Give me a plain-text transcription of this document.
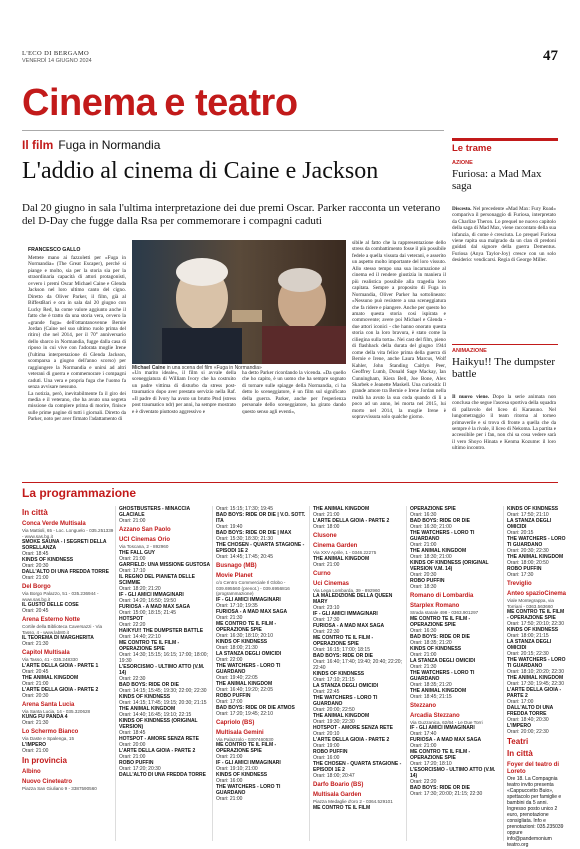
L'ECO DI BERGAMO
VENERDÌ 14 GIUGNO 2024	47
Cinema e teatro
Il film Fuga in Normandia
L'addio al cinema di Caine e Jackson
Dal 20 giugno in sala l'ultima interpretazione dei due premi Oscar. Parker racconta un veterano del D-Day che fugge dalla Rsa per commemorare i compagni caduti
FRANCESCO GALLO
Mettete mano ai fazzoletti per «Fuga in Normandia» (The Great Escaper), perché si piange e molto, sia per la storia sia per la straordinaria capacità di attori protagonisti, ovvero i premi Oscar Michael Caine e Glenda Jackson nel loro ultimo canto del cigno. Diretto da Oliver Parker, il film, già al BiffestBari e ora in sala dal 20 giugno con Lucky Red, ha come valore aggiunto anche il fatto che è tratto da una storia vera, ovvero la «grande fuga» dell'ottantanovenne Bernie Jordan (Caine nel suo ultimo ruolo prima del ritiro) che nel 2014, per il 70° anniversario dello sbarco in Normandia, fugge dalla casa di riposo in cui vive con l'adorata moglie Irene (l'ultima interpretazione di Glenda Jackson, scomparsa a giugno dell'anno scorso) per raggiungere la Normandia e unirsi ad altri veterani di guerra e commemorare i compagni caduti. Una vera e propria fuga che l'uomo fa senza avvisare nessuno.
La notizia, però, inevitabilmente fa il giro dei media e il veterano, che ha avuto una segreta missione da compiere prima di morire, finisce sulle prime pagine di tutti i giornali. Diretto da Parker, noto per aver firmato l'adattamento di
Michael Caine in una scena del film «Fuga in Normandia»
«Un marito ideale», il film si avvale della sceneggiatura di William Ivory che ha costruito un padre vittima di disturbo da stress post-traumatico dopo aver prestato servizio nella Raf. «Il padre di Ivory ha avuto un brutto Ptsd (stress post traumatico ndr) per anni, ha sempre mostrato e è diventato piuttosto aggressivo e
ha detto Parker ricordando la vicenda. «Da quello che ho capito, è un uomo che ha sempre sognato di tornare sulle spiagge della Normandia, ci ha detto lo sceneggiatore, è un film sul significato della guerra. Parker, anche per l'esperienza personale dello sceneggiatore, ha girato dando questo senso agli eventi»,
sibile al fatto che la rappresentazione dello stress da combattimento fosse il più possibile fedele a quella vissuta dai veterani, e asserito un aspetto molto importante del loro vissuto. Allo stesso tempo una sua incarnazione al cinema ed il rendere giustizia in maniera il più realistica possibile alla tragedia loro capitata. Sempre a proposito di Fuga in Normandia, Oliver Parker ha sottolineato: «Nessuno può resistere a una sceneggiatura che fa ridere e piangere. Anche per questo ho amato questa storia così ispirata e commovente; avere poi Michael e Glenda - due attori iconici - che hanno onorato questa storia con la loro bravura, è stato come la ciliegina sulla torta». Nei cast del film, pieno di flashback della durata del giugno 1944 come della vita felice prima della guerra di Bernie e Irene, anche Laura Marcus, Wolf Kahler, John Standing Caitlyn Peer, Geoffrey Lumb, Donald Sage Mackay, Ian Cunningham, Kiera Bell, Joe Bone, Alex Skarbek e Jeanette Maskell. Una curiosità: Il grande amore tra Bernie e Irene Jordan nella realtà ha avuto la sua coda quando di lì a poco ad un anno, lei morta nel 2015, lui morto nel 2014, la moglie Irene è sopravvissuta solo qualche giorno.
Le trame
AZIONE
Furiosa: a Mad Max saga
Discesto. Nel precedente «Mad Max: Fury Road» compariva il personaggio di Furiosa, interpretato da Charlize Theron. Lo prequel ne nuovo capitolo della saga di Mad Max, viene raccontato della sua infanzia, di come è cresciuta. Lo prequel Furiosa viene rapita sua malgrado da un clan di predoni guidati dal signore della guerra Dementus. Furiosa (Anya Taylor-Joy) cresce con un solo desiderio: vendicarsi. Regia di George Miller.
ANIMAZIONE
Haikyu!! The dumpster battle
Il nuovo viene. Dopo la serie animata non conclusa che segue l'ascesa sportiva della squadra di pallavolo del liceo di Karasuno. Nel lungometraggio il team ritorna al torneo primaverile e si trova di fronte a quella che da sempre è la rivale, il liceo di Nekoma. La partita e accessibile per i fan, non chi sa cosa vedere sarà il vero Shoyo Hinata e Kenma Kozume: il loro ultimo incontro.
La programmazione
In città
Conca Verde Multisala
Via Mattioli, 65 - Loc. Longuelo - 035.251339 - www.sas.bg.it
SMOKE SAUNA - I SEGRETI DELLA SORELLANZA
Orari: 18:45
KINDS OF KINDNESS
Orari: 20:30
DALL'ALTO DI UNA FREDDA TORRE
Orari: 21:00
Del Borgo
Via Borgo Palazzo, 51 - 035.236944 - www.sas.bg.it
IL GUSTO DELLE COSE
Orari: 20:45
Arena Esterno Notte
Cortile della Biblioteca Caversazzi - Via Tasso, 4 - www.lab80.it
IL TEOREMA DI MARGHERITA
Orari: 21:30
Capitol Multisala
Via Tasso, 41 - 035.248330
L'ARTE DELLA GIOIA - PARTE 1
Orari: 20:45
THE ANIMAL KINGDOM
Orari: 21:00
L'ARTE DELLA GIOIA - PARTE 2
Orari: 20:30
Arena Santa Lucia
Via Santa Lucia, 14 - 035.320628
KUNG FU PANDA 4
Orari: 21:30
Lo Schermo Bianco
Via Daste e Spalenga, 15
L'IMPERO
Orari: 21:00
In provincia
Albino
Nuovo Cineteatro
Piazza San Giuliano 9 - 3387590560
GHOSTBUSTERS - MINACCIA GLACIALE
Orari: 21:00
Azzano San Paolo
UCI Cinemas Orio
Via Toscana, 2 - 892960
THE FALL GUY
Orari: 21:00
GARFIELD: UNA MISSIONE GUSTOSA
Orari: 17:10
IL REGNO DEL PIANETA DELLE SCIMMIE
Orari: 18:20; 21:20
IF - GLI AMICI IMMAGINARI
Orari: 14:20; 16:50; 19:50
FURIOSA - A MAD MAX SAGA
Orari: 15:00; 18:15; 21:45
HOTSPOT
Orari: 22:20
HAIKYU!! THE DUMPSTER BATTLE
Orari: 14:40; 22:10
ME CONTRO TE IL FILM - OPERAZIONE SPIE
Orari: 14:30; 15:15; 16:15; 17:00; 18:00; 19:30
L'ESORCISMO - ULTIMO ATTO (V.M. 14)
Orari: 22:30
BAD BOYS: RIDE OR DIE
Orari: 14:15; 15:45; 19:30; 22:00; 22:30
KINDS OF KINDNESS
Orari: 14:15; 17:45; 19:15; 20:30; 21:15
THE ANIMAL KINGDOM
Orari: 14:40; 16:45; 19:10; 22:15
KINDS OF KINDNESS (ORIGINAL VERSION)
Orari: 18:45
HOTSPOT - AMORE SENZA RETE
Orari: 20:00
L'ARTE DELLA GIOIA - PARTE 2
Orari: 21:00
ROBO PUFFIN
Orari: 17:20; 20:30
DALL'ALTO DI UNA FREDDA TORRE
Orari: 15:15; 17:30; 19:45
BAD BOYS: RIDE OR DIE | V.O. SOTT. ITA
Orari: 19:40
BAD BOYS: RIDE OR DIE | MAX
Orari: 15:30; 18:30; 21:30
THE CHOSEN - QUARTA STAGIONE - EPISODI 1E 2
Orari: 14:45; 17:45; 20:45
Busnago (MB)
Movie Planet
c/o Centro Commerciale Il Globo - 039.695560 (prenot.) - 039.6956816 (programmazione)
IF - GLI AMICI IMMAGINARI
Orari: 17:10; 19:35
FURIOSA - A MAD MAX SAGA
Orari: 21:30
ME CONTRO TE IL FILM - OPERAZIONE SPIE
Orari: 16:30; 18:10; 20:10
KINDS OF KINDNESS
Orari: 18:00; 21:30
LA STANZA DEGLI OMICIDI
Orari: 22:00
THE WATCHERS - LORO TI GUARDANO
Orari: 19:40; 22:05
THE ANIMAL KINGDOM
Orari: 16:40; 19:20; 22:05
ROBO PUFFIN
Orari: 17:00
BAD BOYS: RIDE OR DIE ATMOS
Orari: 17:20; 19:45; 22:10
Capriolo (BS)
Multisala Gemini
Via Palazzolo - 0307460530
ME CONTRO TE IL FILM - OPERAZIONE SPIE
Orari: 21:00
IF - GLI AMICI IMMAGINARI
Orari: 19:10; 21:00
KINDS OF KINDNESS
Orari: 16:00
THE WATCHERS - LORO TI GUARDANO
Orari: 21:00
THE ANIMAL KINGDOM
Orari: 21:00
L'ARTE DELLA GIOIA - PARTE 2
Orari: 18:00
Clusone
Cinema Garden
Via XXV Aprile, 1 - 0346.22275
THE ANIMAL KINGDOM
Orari: 21:00
Curno
Uci Cinemas
Via Lega Lombarda, 39 - 892960
LA MALEDIZIONE DELLA QUEEN MARY
Orari: 23:10
IF - GLI AMICI IMMAGINARI
Orari: 17:30
FURIOSA - A MAD MAX SAGA
Orari: 22:30
ME CONTRO TE IL FILM - OPERAZIONE SPIE
Orari: 16:15; 17:00; 18:15
BAD BOYS: RIDE OR DIE
Orari: 16:40; 17:40; 19:40; 20:40; 22:20; 22:40
KINDS OF KINDNESS
Orari: 17:10; 21:15
LA STANZA DEGLI OMICIDI
Orari: 22:45
THE WATCHERS - LORO TI GUARDANO
Orari: 20:00; 22:50
THE ANIMAL KINGDOM
Orari: 19:30; 22:30
HOTSPOT - AMORE SENZA RETE
Orari: 20:10
L'ARTE DELLA GIOIA - PARTE 2
Orari: 19:00
ROBO PUFFIN
Orari: 16:00
THE CHOSEN - QUARTA STAGIONE - EPISODI 1E 2
Orari: 18:00; 20:47
Darfo Boario (BS)
Multisala Garden
Piazza Medaglie d'oro 2 - 0364.529101
ME CONTRO TE IL FILM
OPERAZIONE SPIE
Orari: 16:30
BAD BOYS: RIDE OR DIE
Orari: 16:30; 21:00
THE WATCHERS - LORO TI GUARDANO
Orari: 21:00
THE ANIMAL KINGDOM
Orari: 18:30; 21:00
KINDS OF KINDNESS (ORIGINAL VERSION V.M. 14)
Orari: 20:30
ROBO PUFFIN
Orari: 18:30
Romano di Lombardia
Starplex Romano
Strada statale 498 - 0363.901297
ME CONTRO TE IL FILM - OPERAZIONE SPIE
Orari: 16:30
BAD BOYS: RIDE OR DIE
Orari: 18:35; 21:20
KINDS OF KINDNESS
Orari: 21:00
LA STANZA DEGLI OMICIDI
Orari: 21:30
THE WATCHERS - LORO TI GUARDANO
Orari: 18:35; 21:20
THE ANIMAL KINGDOM
Orari: 18:45; 21:15
Stezzano
Arcadia Stezzano
Via Guzzanica, 62/64 - Le Due Torri
IF - GLI AMICI IMMAGINARI
Orari: 17:40
FURIOSA - A MAD MAX SAGA
Orari: 21:00
ME CONTRO TE IL FILM - OPERAZIONE SPIE
Orari: 17:20; 18:10
L'ESORCISMO - ULTIMO ATTO (V.M. 14)
Orari: 22:20
BAD BOYS: RIDE OR DIE
Orari: 17:30; 20:00; 21:15; 22:30
KINDS OF KINDNESS
Orari: 17:50; 21:10
LA STANZA DEGLI OMICIDI
Orari: 20:15
THE WATCHERS - LORO TI GUARDANO
Orari: 20:30; 22:30
THE ANIMAL KINGDOM
Orari: 18:00; 20:50
ROBO PUFFIN
Orari: 17:30
Treviglio
Anteo spazioCinema
Viale Montegrappa, via Torriani - 0363.563660
ME CONTRO TE IL FILM - OPERAZIONE SPIE
Orari: 17:50; 20:10; 22:30
KINDS OF KINDNESS
Orari: 18:00; 21:15
LA STANZA DEGLI OMICIDI
Orari: 20:15; 22:30
THE WATCHERS - LORO TI GUARDANO
Orari: 18:10; 20:20; 22:30
THE ANIMAL KINGDOM
Orari: 17:30; 19:45; 22:30
L'ARTE DELLA GIOIA - PARTE 2
Orari: 17:00
DALL'ALTO DI UNA FREDDA TORRE
Orari: 18:40; 20:30
L'IMPERO
Orari: 20:00; 22:30
Teatri
In città
Foyer del teatro di Loreto
Ore 18. La Compagnia teatro invito presenta «Cappuccetto Buio», spettacolo per famiglie e bambini da 5 anni. Ingresso posto unico 2 euro, prenotazione consigliata. Info e prenotazioni: 035.235039 oppure info@pandemonium teatro.org
